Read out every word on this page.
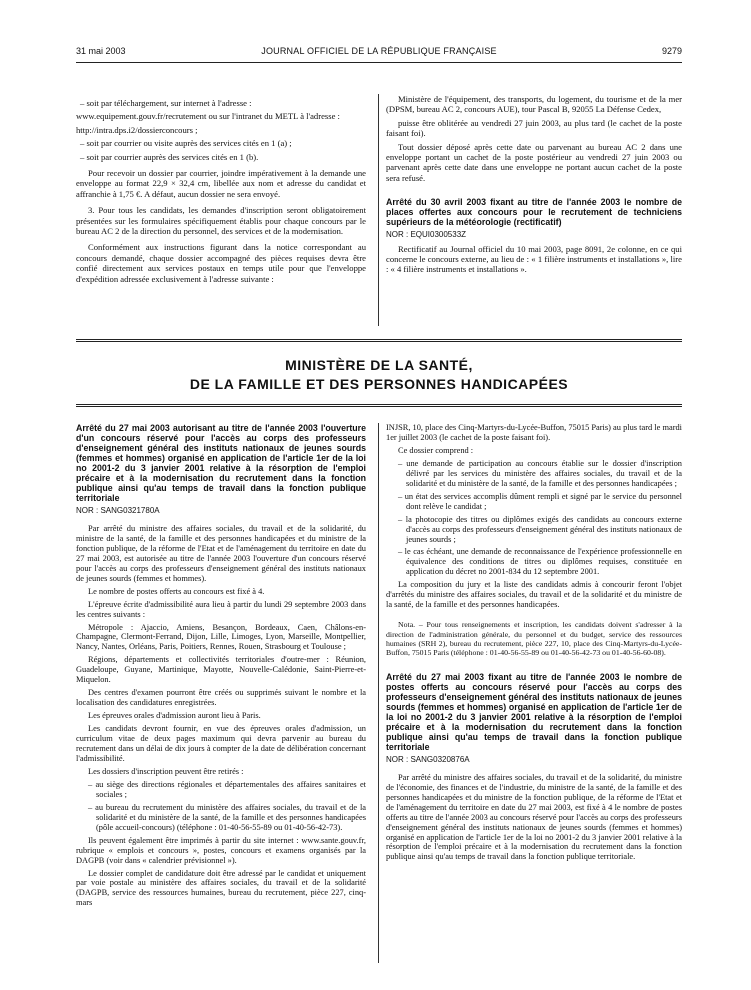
31 mai 2003	JOURNAL OFFICIEL DE LA RÉPUBLIQUE FRANÇAISE	9279

– soit par téléchargement, sur internet à l'adresse :

www.equipement.gouv.fr/recrutement ou sur l'intranet du METL à l'adresse :

http://intra.dps.i2/dossierconcours ;

– soit par courrier ou visite auprès des services cités en 1 (a) ;

– soit par courrier auprès des services cités en 1 (b).

Pour recevoir un dossier par courrier, joindre impérativement à la demande une enveloppe au format 22,9 × 32,4 cm, libellée aux nom et adresse du candidat et affranchie à 1,75 €. A défaut, aucun dossier ne sera envoyé.

3. Pour tous les candidats, les demandes d'inscription seront obligatoirement présentées sur les formulaires spécifiquement établis pour chaque concours par le bureau AC 2 de la direction du personnel, des services et de la modernisation.

Conformément aux instructions figurant dans la notice correspondant au concours demandé, chaque dossier accompagné des pièces requises devra être confié directement aux services postaux en temps utile pour que l'enveloppe d'expédition adressée exclusivement à l'adresse suivante :

Ministère de l'équipement, des transports, du logement, du tourisme et de la mer (DPSM, bureau AC 2, concours AUE), tour Pascal B, 92055 La Défense Cedex,

puisse être oblitérée au vendredi 27 juin 2003, au plus tard (le cachet de la poste faisant foi).

Tout dossier déposé après cette date ou parvenant au bureau AC 2 dans une enveloppe portant un cachet de la poste postérieur au vendredi 27 juin 2003 ou parvenant après cette date dans une enveloppe ne portant aucun cachet de la poste sera refusé.

Arrêté du 30 avril 2003 fixant au titre de l'année 2003 le nombre de places offertes aux concours pour le recrutement de techniciens supérieurs de la météorologie (rectificatif)

NOR : EQUI0300533Z

Rectificatif au Journal officiel du 10 mai 2003, page 8091, 2e colonne, en ce qui concerne le concours externe, au lieu de : « 1 filière instruments et installations », lire : « 4 filière instruments et installations ».

MINISTÈRE DE LA SANTÉ,
DE LA FAMILLE ET DES PERSONNES HANDICAPÉES

Arrêté du 27 mai 2003 autorisant au titre de l'année 2003 l'ouverture d'un concours réservé pour l'accès au corps des professeurs d'enseignement général des instituts nationaux de jeunes sourds (femmes et hommes) organisé en application de l'article 1er de la loi no 2001-2 du 3 janvier 2001 relative à la résorption de l'emploi précaire et à la modernisation du recrutement dans la fonction publique ainsi qu'au temps de travail dans la fonction publique territoriale

NOR : SANG0321780A

Par arrêté du ministre des affaires sociales, du travail et de la solidarité, du ministre de la santé, de la famille et des personnes handicapées et du ministre de la fonction publique, de la réforme de l'Etat et de l'aménagement du territoire en date du 27 mai 2003, est autorisée au titre de l'année 2003 l'ouverture d'un concours réservé pour l'accès au corps des professeurs d'enseignement général des instituts nationaux de jeunes sourds (femmes et hommes).

Le nombre de postes offerts au concours est fixé à 4.

L'épreuve écrite d'admissibilité aura lieu à partir du lundi 29 septembre 2003 dans les centres suivants :

Métropole : Ajaccio, Amiens, Besançon, Bordeaux, Caen, Châlons-en-Champagne, Clermont-Ferrand, Dijon, Lille, Limoges, Lyon, Marseille, Montpellier, Nancy, Nantes, Orléans, Paris, Poitiers, Rennes, Rouen, Strasbourg et Toulouse ;

Régions, départements et collectivités territoriales d'outre-mer : Réunion, Guadeloupe, Guyane, Martinique, Mayotte, Nouvelle-Calédonie, Saint-Pierre-et-Miquelon.

Des centres d'examen pourront être créés ou supprimés suivant le nombre et la localisation des candidatures enregistrées.

Les épreuves orales d'admission auront lieu à Paris.

Les candidats devront fournir, en vue des épreuves orales d'admission, un curriculum vitae de deux pages maximum qui devra parvenir au bureau du recrutement dans un délai de dix jours à compter de la date de délibération concernant l'admissibilité.

Les dossiers d'inscription peuvent être retirés :

– au siège des directions régionales et départementales des affaires sanitaires et sociales ;

– au bureau du recrutement du ministère des affaires sociales, du travail et de la solidarité et du ministère de la santé, de la famille et des personnes handicapées (pôle accueil-concours) (téléphone : 01-40-56-55-89 ou 01-40-56-42-73).

Ils peuvent également être imprimés à partir du site internet : www.sante.gouv.fr, rubrique « emplois et concours », postes, concours et examens organisés par la DAGPB (voir dans « calendrier prévisionnel »).

Le dossier complet de candidature doit être adressé par le candidat et uniquement par voie postale au ministère des affaires sociales, du travail et de la solidarité (DAGPB, service des ressources humaines, bureau du recrutement, pièce 227, cinq-mars

INJSR, 10, place des Cinq-Martyrs-du-Lycée-Buffon, 75015 Paris) au plus tard le mardi 1er juillet 2003 (le cachet de la poste faisant foi).

Ce dossier comprend :

– une demande de participation au concours établie sur le dossier d'inscription délivré par les services du ministère des affaires sociales, du travail et de la solidarité et du ministère de la santé, de la famille et des personnes handicapées ;

– un état des services accomplis dûment rempli et signé par le service du personnel dont relève le candidat ;

– la photocopie des titres ou diplômes exigés des candidats au concours externe d'accès au corps des professeurs d'enseignement général des instituts nationaux de jeunes sourds ;

– le cas échéant, une demande de reconnaissance de l'expérience professionnelle en équivalence des conditions de titres ou diplômes requises, constituée en application du décret no 2001-834 du 12 septembre 2001.

La composition du jury et la liste des candidats admis à concourir feront l'objet d'arrêtés du ministre des affaires sociales, du travail et de la solidarité et du ministre de la santé, de la famille et des personnes handicapées.

Nota. – Pour tous renseignements et inscription, les candidats doivent s'adresser à la direction de l'administration générale, du personnel et du budget, service des ressources humaines (SRH 2), bureau du recrutement, pièce 227, 10, place des Cinq-Martyrs-du-Lycée-Buffon, 75015 Paris (téléphone : 01-40-56-55-89 ou 01-40-56-42-73 ou 01-40-56-60-08).

Arrêté du 27 mai 2003 fixant au titre de l'année 2003 le nombre de postes offerts au concours réservé pour l'accès au corps des professeurs d'enseignement général des instituts nationaux de jeunes sourds (femmes et hommes) organisé en application de l'article 1er de la loi no 2001-2 du 3 janvier 2001 relative à la résorption de l'emploi précaire et à la modernisation du recrutement dans la fonction publique ainsi qu'au temps de travail dans la fonction publique territoriale

NOR : SANG0320876A

Par arrêté du ministre des affaires sociales, du travail et de la solidarité, du ministre de l'économie, des finances et de l'industrie, du ministre de la santé, de la famille et des personnes handicapées et du ministre de la fonction publique, de la réforme de l'Etat et de l'aménagement du territoire en date du 27 mai 2003, est fixé à 4 le nombre de postes offerts au titre de l'année 2003 au concours réservé pour l'accès au corps des professeurs d'enseignement général des instituts nationaux de jeunes sourds (femmes et hommes) organisé en application de l'article 1er de la loi no 2001-2 du 3 janvier 2001 relative à la résorption de l'emploi précaire et à la modernisation du recrutement dans la fonction publique ainsi qu'au temps de travail dans la fonction publique territoriale.
